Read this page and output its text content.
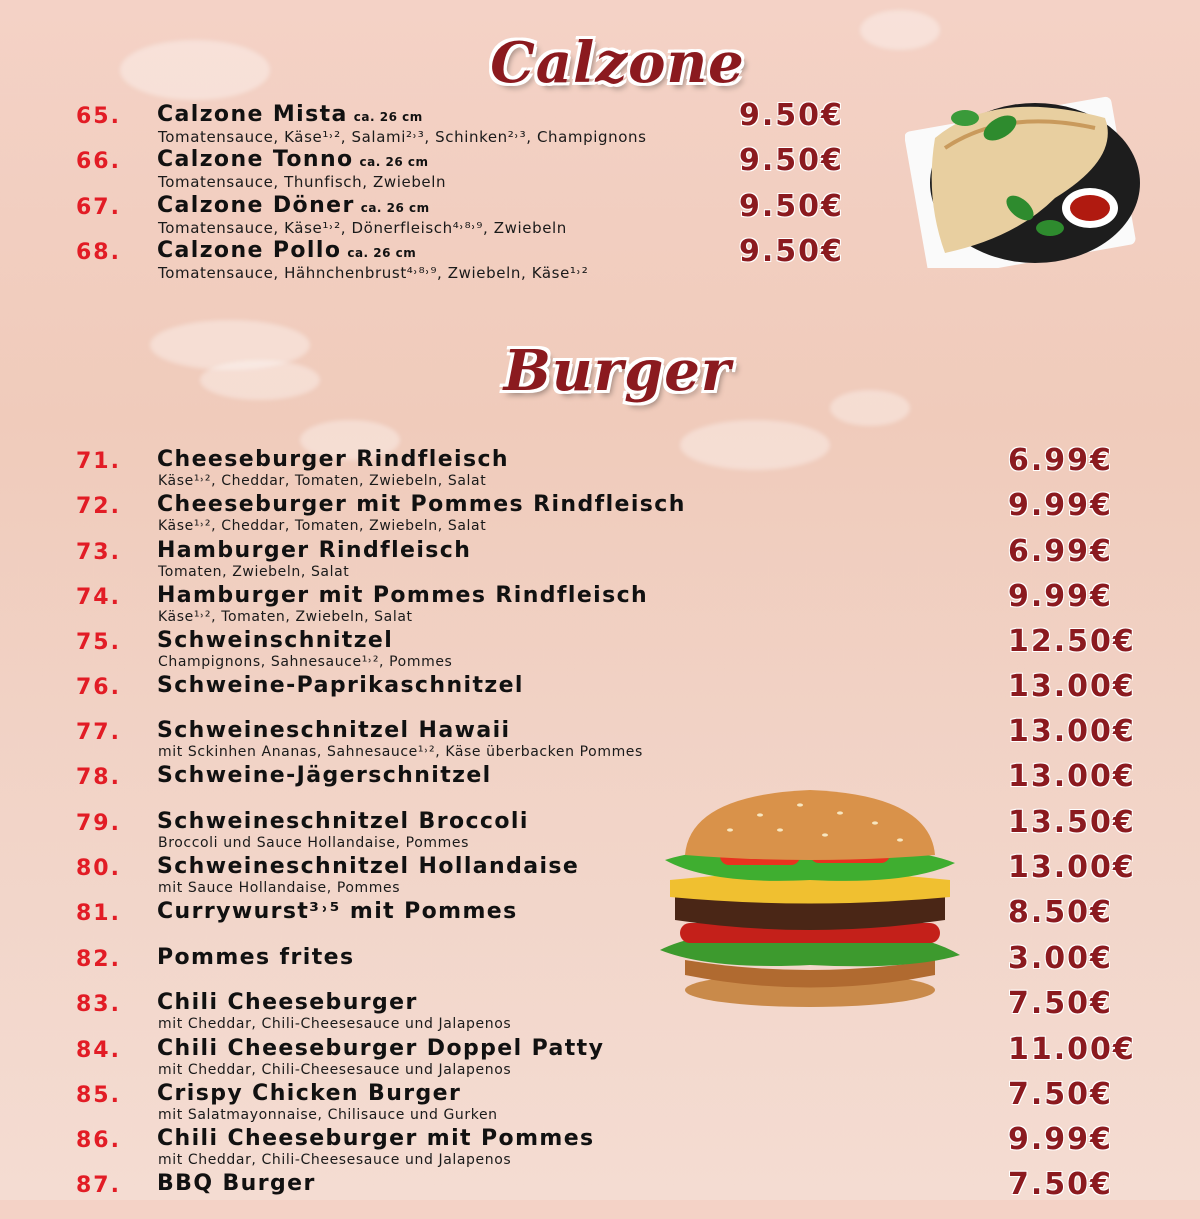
Calzone
65. Calzone Mista ca. 26 cm
Tomatensauce, Käse¹˒², Salami²˒³, Schinken²˒³, Champignons
9.50€
66. Calzone Tonno ca. 26 cm
Tomatensauce, Thunfisch, Zwiebeln
9.50€
67. Calzone Döner ca. 26 cm
Tomatensauce, Käse¹˒², Dönerfleisch⁴˒⁸˒⁹, Zwiebeln
9.50€
68. Calzone Pollo ca. 26 cm
Tomatensauce, Hähnchenbrust⁴˒⁸˒⁹, Zwiebeln, Käse¹˒²
9.50€
Burger
71. Cheeseburger Rindfleisch
Käse¹˒², Cheddar, Tomaten, Zwiebeln, Salat
6.99€
72. Cheeseburger mit Pommes Rindfleisch
Käse¹˒², Cheddar, Tomaten, Zwiebeln, Salat
9.99€
73. Hamburger Rindfleisch
Tomaten, Zwiebeln, Salat
6.99€
74. Hamburger mit Pommes Rindfleisch
Käse¹˒², Tomaten, Zwiebeln, Salat
9.99€
75. Schweinschnitzel
Champignons, Sahnesauce¹˒², Pommes
12.50€
76. Schweine-Paprikaschnitzel	13.00€
77. Schweineschnitzel Hawaii
mit Sckinhen Ananas, Sahnesauce¹˒², Käse überbacken Pommes
13.00€
78. Schweine-Jägerschnitzel	13.00€
79. Schweineschnitzel Broccoli
Broccoli und Sauce Hollandaise, Pommes
13.50€
80. Schweineschnitzel Hollandaise
mit Sauce Hollandaise, Pommes
13.00€
81. Currywurst³˒⁵ mit Pommes	8.50€
82. Pommes frites	3.00€
83. Chili Cheeseburger
mit Cheddar, Chili-Cheesesauce und Jalapenos
7.50€
84. Chili Cheeseburger Doppel Patty
mit Cheddar, Chili-Cheesesauce und Jalapenos
11.00€
85. Crispy Chicken Burger
mit Salatmayonnaise, Chilisauce und Gurken
7.50€
86. Chili Cheeseburger mit Pommes
mit Cheddar, Chili-Cheesesauce und Jalapenos
9.99€
87. BBQ Burger	7.50€
